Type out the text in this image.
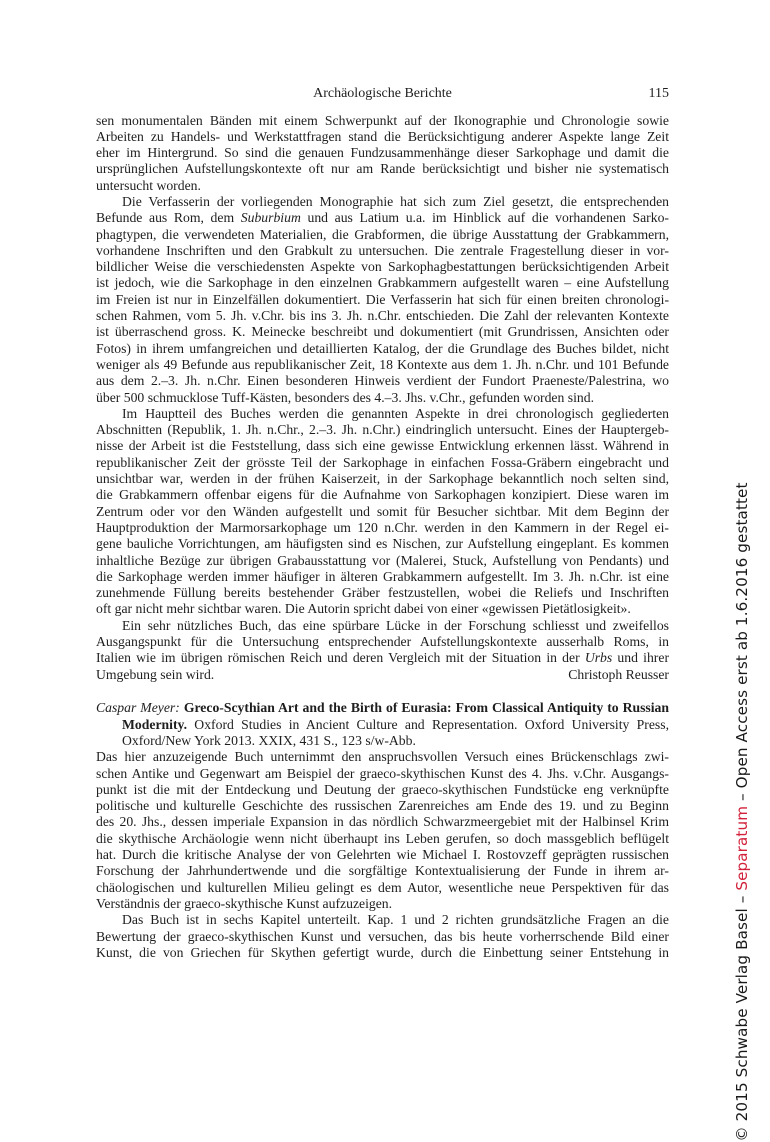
Archäologische Berichte	115
sen monumentalen Bänden mit einem Schwerpunkt auf der Ikonographie und Chronologie sowie
Arbeiten zu Handels- und Werkstattfragen stand die Berücksichtigung anderer Aspekte lange Zeit
eher im Hintergrund. So sind die genauen Fundzusammenhänge dieser Sarkophage und damit die
ursprünglichen Aufstellungskontexte oft nur am Rande berücksichtigt und bisher nie systematisch
untersucht worden.
Die Verfasserin der vorliegenden Monographie hat sich zum Ziel gesetzt, die entsprechenden
Befunde aus Rom, dem Suburbium und aus Latium u.a. im Hinblick auf die vorhandenen Sarko-
phagtypen, die verwendeten Materialien, die Grabformen, die übrige Ausstattung der Grabkammern,
vorhandene Inschriften und den Grabkult zu untersuchen. Die zentrale Fragestellung dieser in vor-
bildlicher Weise die verschiedensten Aspekte von Sarkophagbestattungen berücksichtigenden Arbeit
ist jedoch, wie die Sarkophage in den einzelnen Grabkammern aufgestellt waren – eine Aufstellung
im Freien ist nur in Einzelfällen dokumentiert. Die Verfasserin hat sich für einen breiten chronologi-
schen Rahmen, vom 5. Jh. v.Chr. bis ins 3. Jh. n.Chr. entschieden. Die Zahl der relevanten Kontexte
ist überraschend gross. K. Meinecke beschreibt und dokumentiert (mit Grundrissen, Ansichten oder
Fotos) in ihrem umfangreichen und detaillierten Katalog, der die Grundlage des Buches bildet, nicht
weniger als 49 Befunde aus republikanischer Zeit, 18 Kontexte aus dem 1. Jh. n.Chr. und 101 Befunde
aus dem 2.–3. Jh. n.Chr. Einen besonderen Hinweis verdient der Fundort Praeneste/Palestrina, wo
über 500 schmucklose Tuff-Kästen, besonders des 4.–3. Jhs. v.Chr., gefunden worden sind.
Im Hauptteil des Buches werden die genannten Aspekte in drei chronologisch gegliederten
Abschnitten (Republik, 1. Jh. n.Chr., 2.–3. Jh. n.Chr.) eindringlich untersucht. Eines der Hauptergeb-
nisse der Arbeit ist die Feststellung, dass sich eine gewisse Entwicklung erkennen lässt. Während in
republikanischer Zeit der grösste Teil der Sarkophage in einfachen Fossa-Gräbern eingebracht und
unsichtbar war, werden in der frühen Kaiserzeit, in der Sarkophage bekanntlich noch selten sind,
die Grabkammern offenbar eigens für die Aufnahme von Sarkophagen konzipiert. Diese waren im
Zentrum oder vor den Wänden aufgestellt und somit für Besucher sichtbar. Mit dem Beginn der
Hauptproduktion der Marmorsarkophage um 120 n.Chr. werden in den Kammern in der Regel ei-
gene bauliche Vorrichtungen, am häufigsten sind es Nischen, zur Aufstellung eingeplant. Es kommen
inhaltliche Bezüge zur übrigen Grabausstattung vor (Malerei, Stuck, Aufstellung von Pendants) und
die Sarkophage werden immer häufiger in älteren Grabkammern aufgestellt. Im 3. Jh. n.Chr. ist eine
zunehmende Füllung bereits bestehender Gräber festzustellen, wobei die Reliefs und Inschriften
oft gar nicht mehr sichtbar waren. Die Autorin spricht dabei von einer «gewissen Pietätlosigkeit».
Ein sehr nützliches Buch, das eine spürbare Lücke in der Forschung schliesst und zweifellos
Ausgangspunkt für die Untersuchung entsprechender Aufstellungskontexte ausserhalb Roms, in
Italien wie im übrigen römischen Reich und deren Vergleich mit der Situation in der Urbs und ihrer
Umgebung sein wird.	Christoph Reusser
Caspar Meyer: Greco-Scythian Art and the Birth of Eurasia: From Classical Antiquity to Russian
Modernity. Oxford Studies in Ancient Culture and Representation. Oxford University Press,
Oxford/New York 2013. XXIX, 431 S., 123 s/w-Abb.
Das hier anzuzeigende Buch unternimmt den anspruchsvollen Versuch eines Brückenschlags zwi-
schen Antike und Gegenwart am Beispiel der graeco-skythischen Kunst des 4. Jhs. v.Chr. Ausgangs-
punkt ist die mit der Entdeckung und Deutung der graeco-skythischen Fundstücke eng verknüpfte
politische und kulturelle Geschichte des russischen Zarenreiches am Ende des 19. und zu Beginn
des 20. Jhs., dessen imperiale Expansion in das nördlich Schwarzmeergebiet mit der Halbinsel Krim
die skythische Archäologie wenn nicht überhaupt ins Leben gerufen, so doch massgeblich beflügelt
hat. Durch die kritische Analyse der von Gelehrten wie Michael I. Rostovzeff geprägten russischen
Forschung der Jahrhundertwende und die sorgfältige Kontextualisierung der Funde in ihrem ar-
chäologischen und kulturellen Milieu gelingt es dem Autor, wesentliche neue Perspektiven für das
Verständnis der graeco-skythische Kunst aufzuzeigen.
Das Buch ist in sechs Kapitel unterteilt. Kap. 1 und 2 richten grundsätzliche Fragen an die
Bewertung der graeco-skythischen Kunst und versuchen, das bis heute vorherrschende Bild einer
Kunst, die von Griechen für Skythen gefertigt wurde, durch die Einbettung seiner Entstehung in	© 2015 Schwabe Verlag Basel – Separatum – Open Access erst ab 1.6.2016 gestattet
